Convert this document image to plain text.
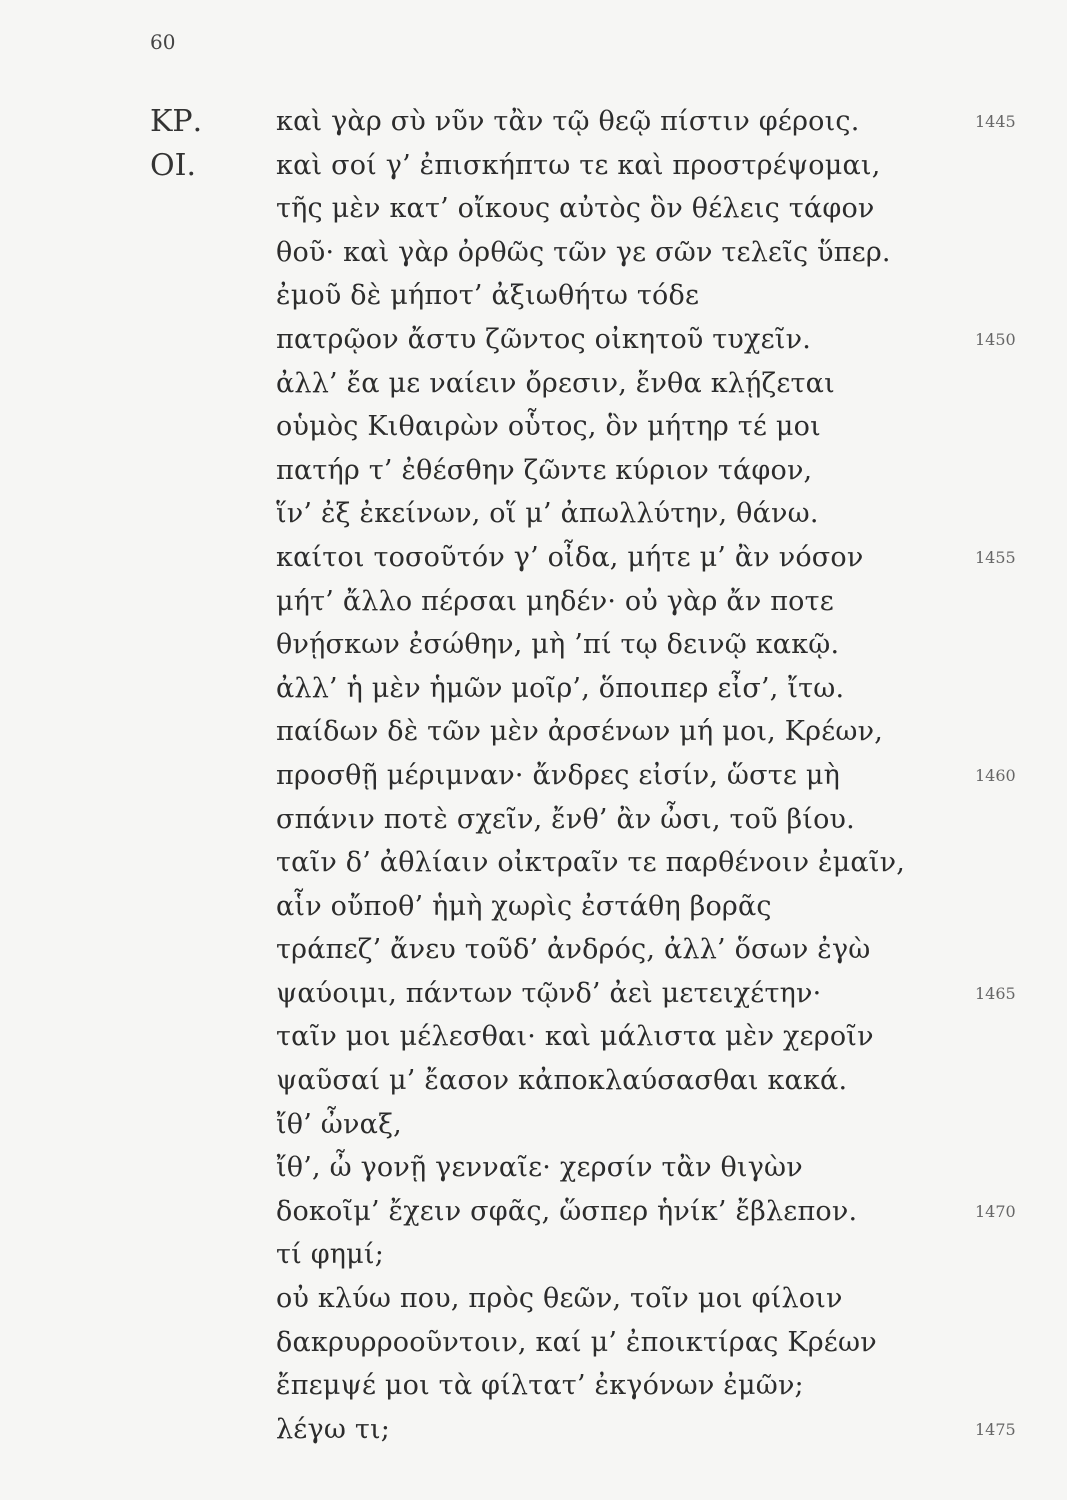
60
ΚΡ.	καὶ γὰρ σὺ νῦν τἂν τῷ θεῷ πίστιν φέροις.	1445
ΟΙ.	καὶ σοί γ’ ἐπισκήπτω τε καὶ προστρέψομαι,
τῆς μὲν κατ’ οἴκους αὐτὸς ὃν θέλεις τάφον
θοῦ· καὶ γὰρ ὀρθῶς τῶν γε σῶν τελεῖς ὕπερ.
ἐμοῦ δὲ μήποτ’ ἀξιωθήτω τόδε
πατρῷον ἄστυ ζῶντος οἰκητοῦ τυχεῖν.	1450
ἀλλ’ ἔα με ναίειν ὄρεσιν, ἔνθα κλῄζεται
οὑμὸς Κιθαιρὼν οὗτος, ὃν μήτηρ τέ μοι
πατήρ τ’ ἐθέσθην ζῶντε κύριον τάφον,
ἵν’ ἐξ ἐκείνων, οἵ μ’ ἀπωλλύτην, θάνω.
καίτοι τοσοῦτόν γ’ οἶδα, μήτε μ’ ἂν νόσον	1455
μήτ’ ἄλλο πέρσαι μηδέν· οὐ γὰρ ἄν ποτε
θνῄσκων ἐσώθην, μὴ ’πί τῳ δεινῷ κακῷ.
ἀλλ’ ἡ μὲν ἡμῶν μοῖρ’, ὅποιπερ εἶσ’, ἴτω.
παίδων δὲ τῶν μὲν ἀρσένων μή μοι, Κρέων,
προσθῇ μέριμναν· ἄνδρες εἰσίν, ὥστε μὴ	1460
σπάνιν ποτὲ σχεῖν, ἔνθ’ ἂν ὦσι, τοῦ βίου.
ταῖν δ’ ἀθλίαιν οἰκτραῖν τε παρθένοιν ἐμαῖν,
αἷν οὔποθ’ ἡμὴ χωρὶς ἐστάθη βορᾶς
τράπεζ’ ἄνευ τοῦδ’ ἀνδρός, ἀλλ’ ὅσων ἐγὼ
ψαύοιμι, πάντων τῷνδ’ ἀεὶ μετειχέτην·	1465
ταῖν μοι μέλεσθαι· καὶ μάλιστα μὲν χεροῖν
ψαῦσαί μ’ ἔασον κἀποκλαύσασθαι κακά.
ἴθ’ ὦναξ,
ἴθ’, ὦ γονῇ γενναῖε· χερσίν τἂν θιγὼν
δοκοῖμ’ ἔχειν σφᾶς, ὥσπερ ἡνίκ’ ἔβλεπον.	1470
τί φημί;
οὐ κλύω που, πρὸς θεῶν, τοῖν μοι φίλοιν
δακρυρροοῦντοιν, καί μ’ ἐποικτίρας Κρέων
ἔπεμψέ μοι τὰ φίλτατ’ ἐκγόνων ἐμῶν;
λέγω τι;	1475
